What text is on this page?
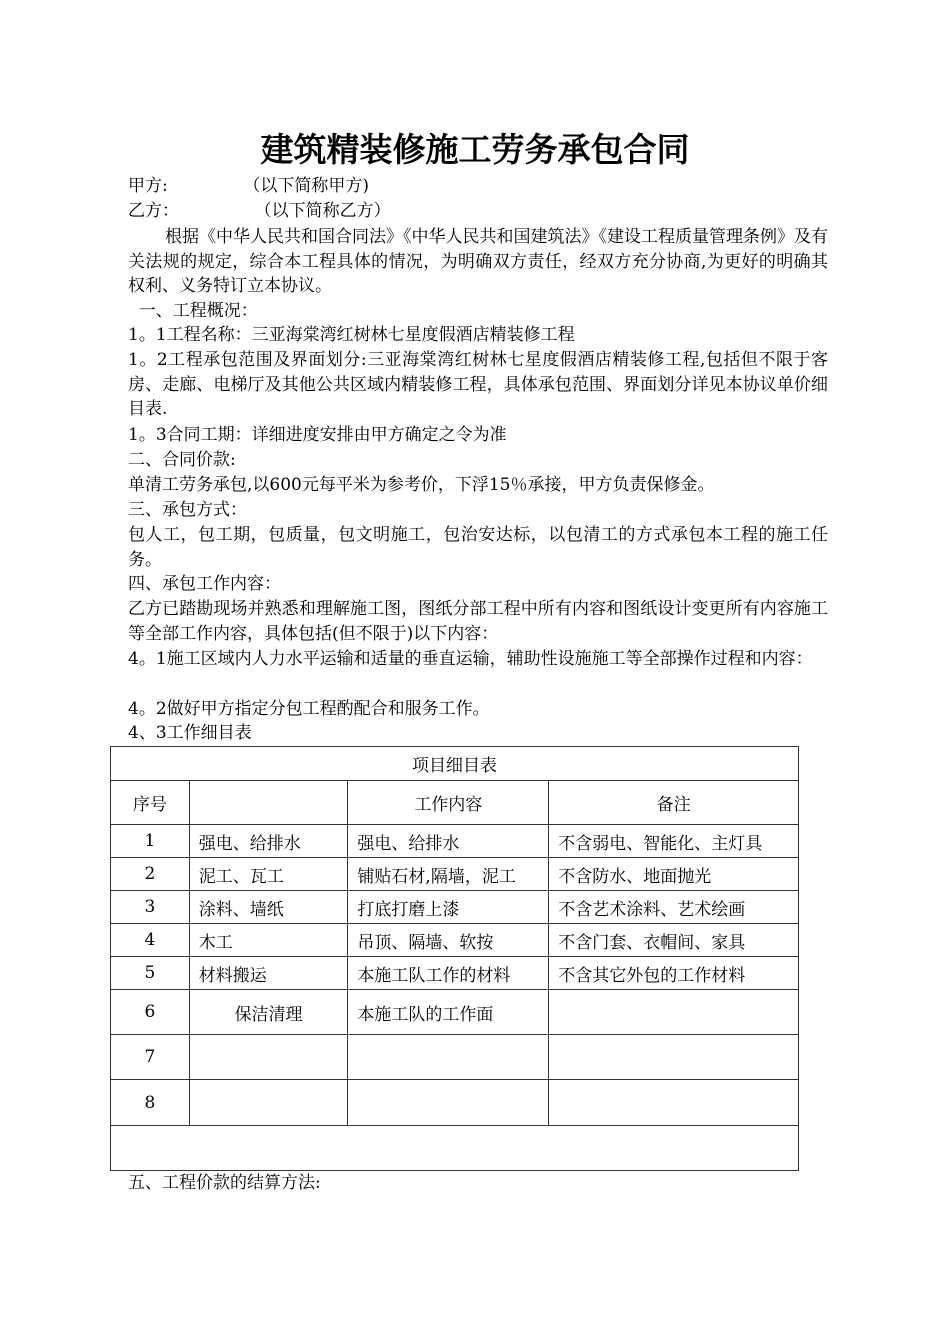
建筑精装修施工劳务承包合同
甲方:              （以下简称甲方)
乙方：              （以下简称乙方）
根据《中华人民共和国合同法》《中华人民共和国建筑法》《建设工程质量管理条例》及有关法规的规定，综合本工程具体的情况，为明确双方责任，经双方充分协商,为更好的明确其权利、义务特订立本协议。
一、工程概况：
1。1工程名称：三亚海棠湾红树林七星度假酒店精装修工程
1。2工程承包范围及界面划分:三亚海棠湾红树林七星度假酒店精装修工程,包括但不限于客房、走廊、电梯厅及其他公共区域内精装修工程，具体承包范围、界面划分详见本协议单价细目表.
1。3合同工期：详细进度安排由甲方确定之令为准
二、合同价款:
单清工劳务承包,以600元每平米为参考价，下浮15％承接，甲方负责保修金。
三、承包方式：
包人工，包工期，包质量，包文明施工，包治安达标，以包清工的方式承包本工程的施工任务。
四、承包工作内容：
乙方已踏勘现场并熟悉和理解施工图，图纸分部工程中所有内容和图纸设计变更所有内容施工等全部工作内容，具体包括(但不限于)以下内容：
4。1施工区域内人力水平运输和适量的垂直运输，辅助性设施施工等全部操作过程和内容：
4。2做好甲方指定分包工程酌配合和服务工作。
4、3工作细目表
项目细目表			
序号		工作内容	备注
1	强电、给排水	强电、给排水	不含弱电、智能化、主灯具
2	泥工、瓦工	铺贴石材,隔墙，泥工	不含防水、地面抛光
3	涂料、墙纸	打底打磨上漆	不含艺术涂料、艺术绘画
4	木工	吊顶、隔墙、软按	不含门套、衣帽间、家具
5	材料搬运	本施工队工作的材料	不含其它外包的工作材料
6	保洁清理	本施工队的工作面	
7			
8			

五、工程价款的结算方法:
